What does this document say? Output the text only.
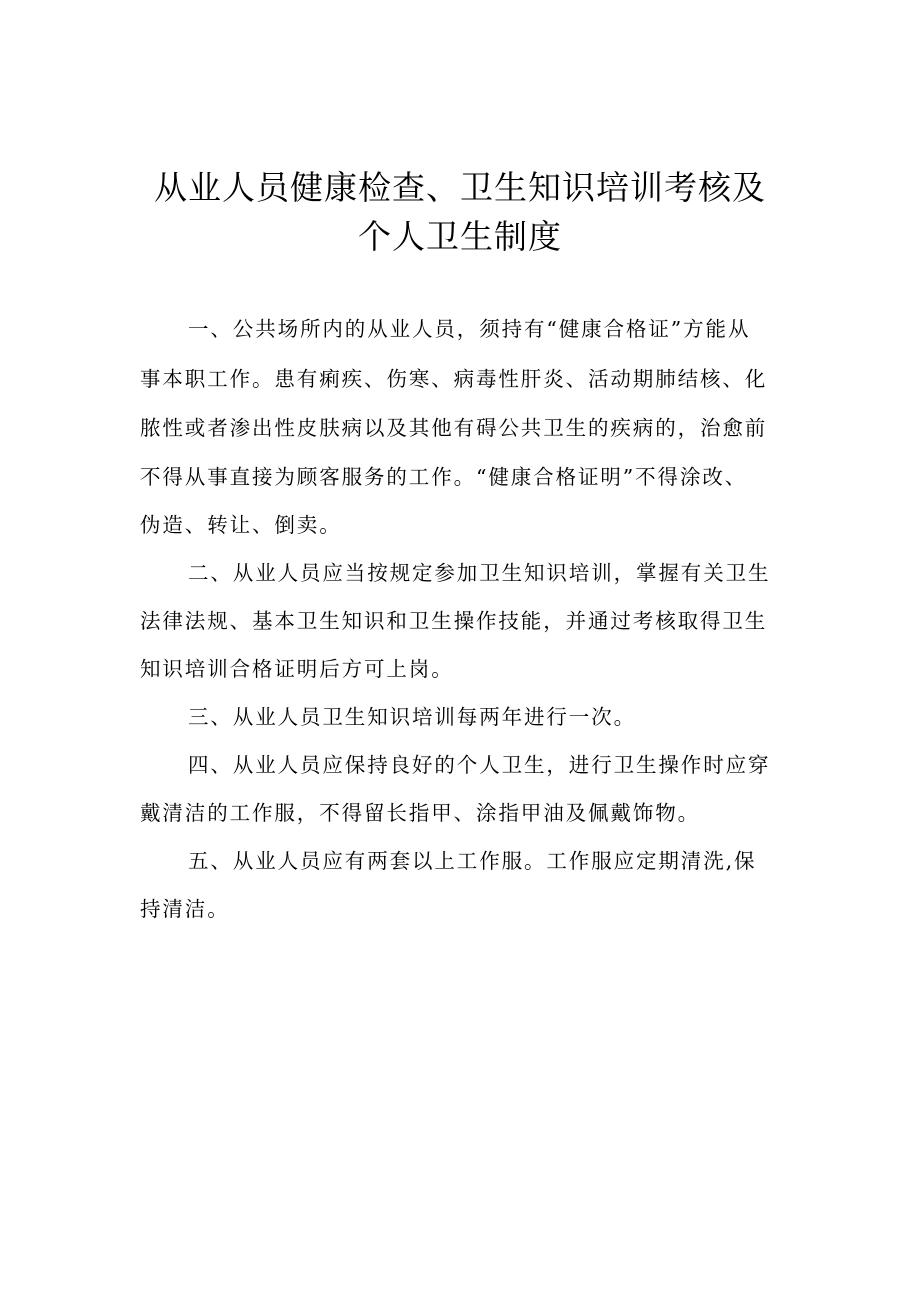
从业人员健康检查、卫生知识培训考核及
个人卫生制度
一、公共场所内的从业人员，须持有“健康合格证”方能从
事本职工作。患有痢疾、伤寒、病毒性肝炎、活动期肺结核、化
脓性或者渗出性皮肤病以及其他有碍公共卫生的疾病的，治愈前
不得从事直接为顾客服务的工作。“健康合格证明”不得涂改、
伪造、转让、倒卖。
二、从业人员应当按规定参加卫生知识培训，掌握有关卫生
法律法规、基本卫生知识和卫生操作技能，并通过考核取得卫生
知识培训合格证明后方可上岗。
三、从业人员卫生知识培训每两年进行一次。
四、从业人员应保持良好的个人卫生，进行卫生操作时应穿
戴清洁的工作服，不得留长指甲、涂指甲油及佩戴饰物。
五、从业人员应有两套以上工作服。工作服应定期清洗,保
持清洁。
